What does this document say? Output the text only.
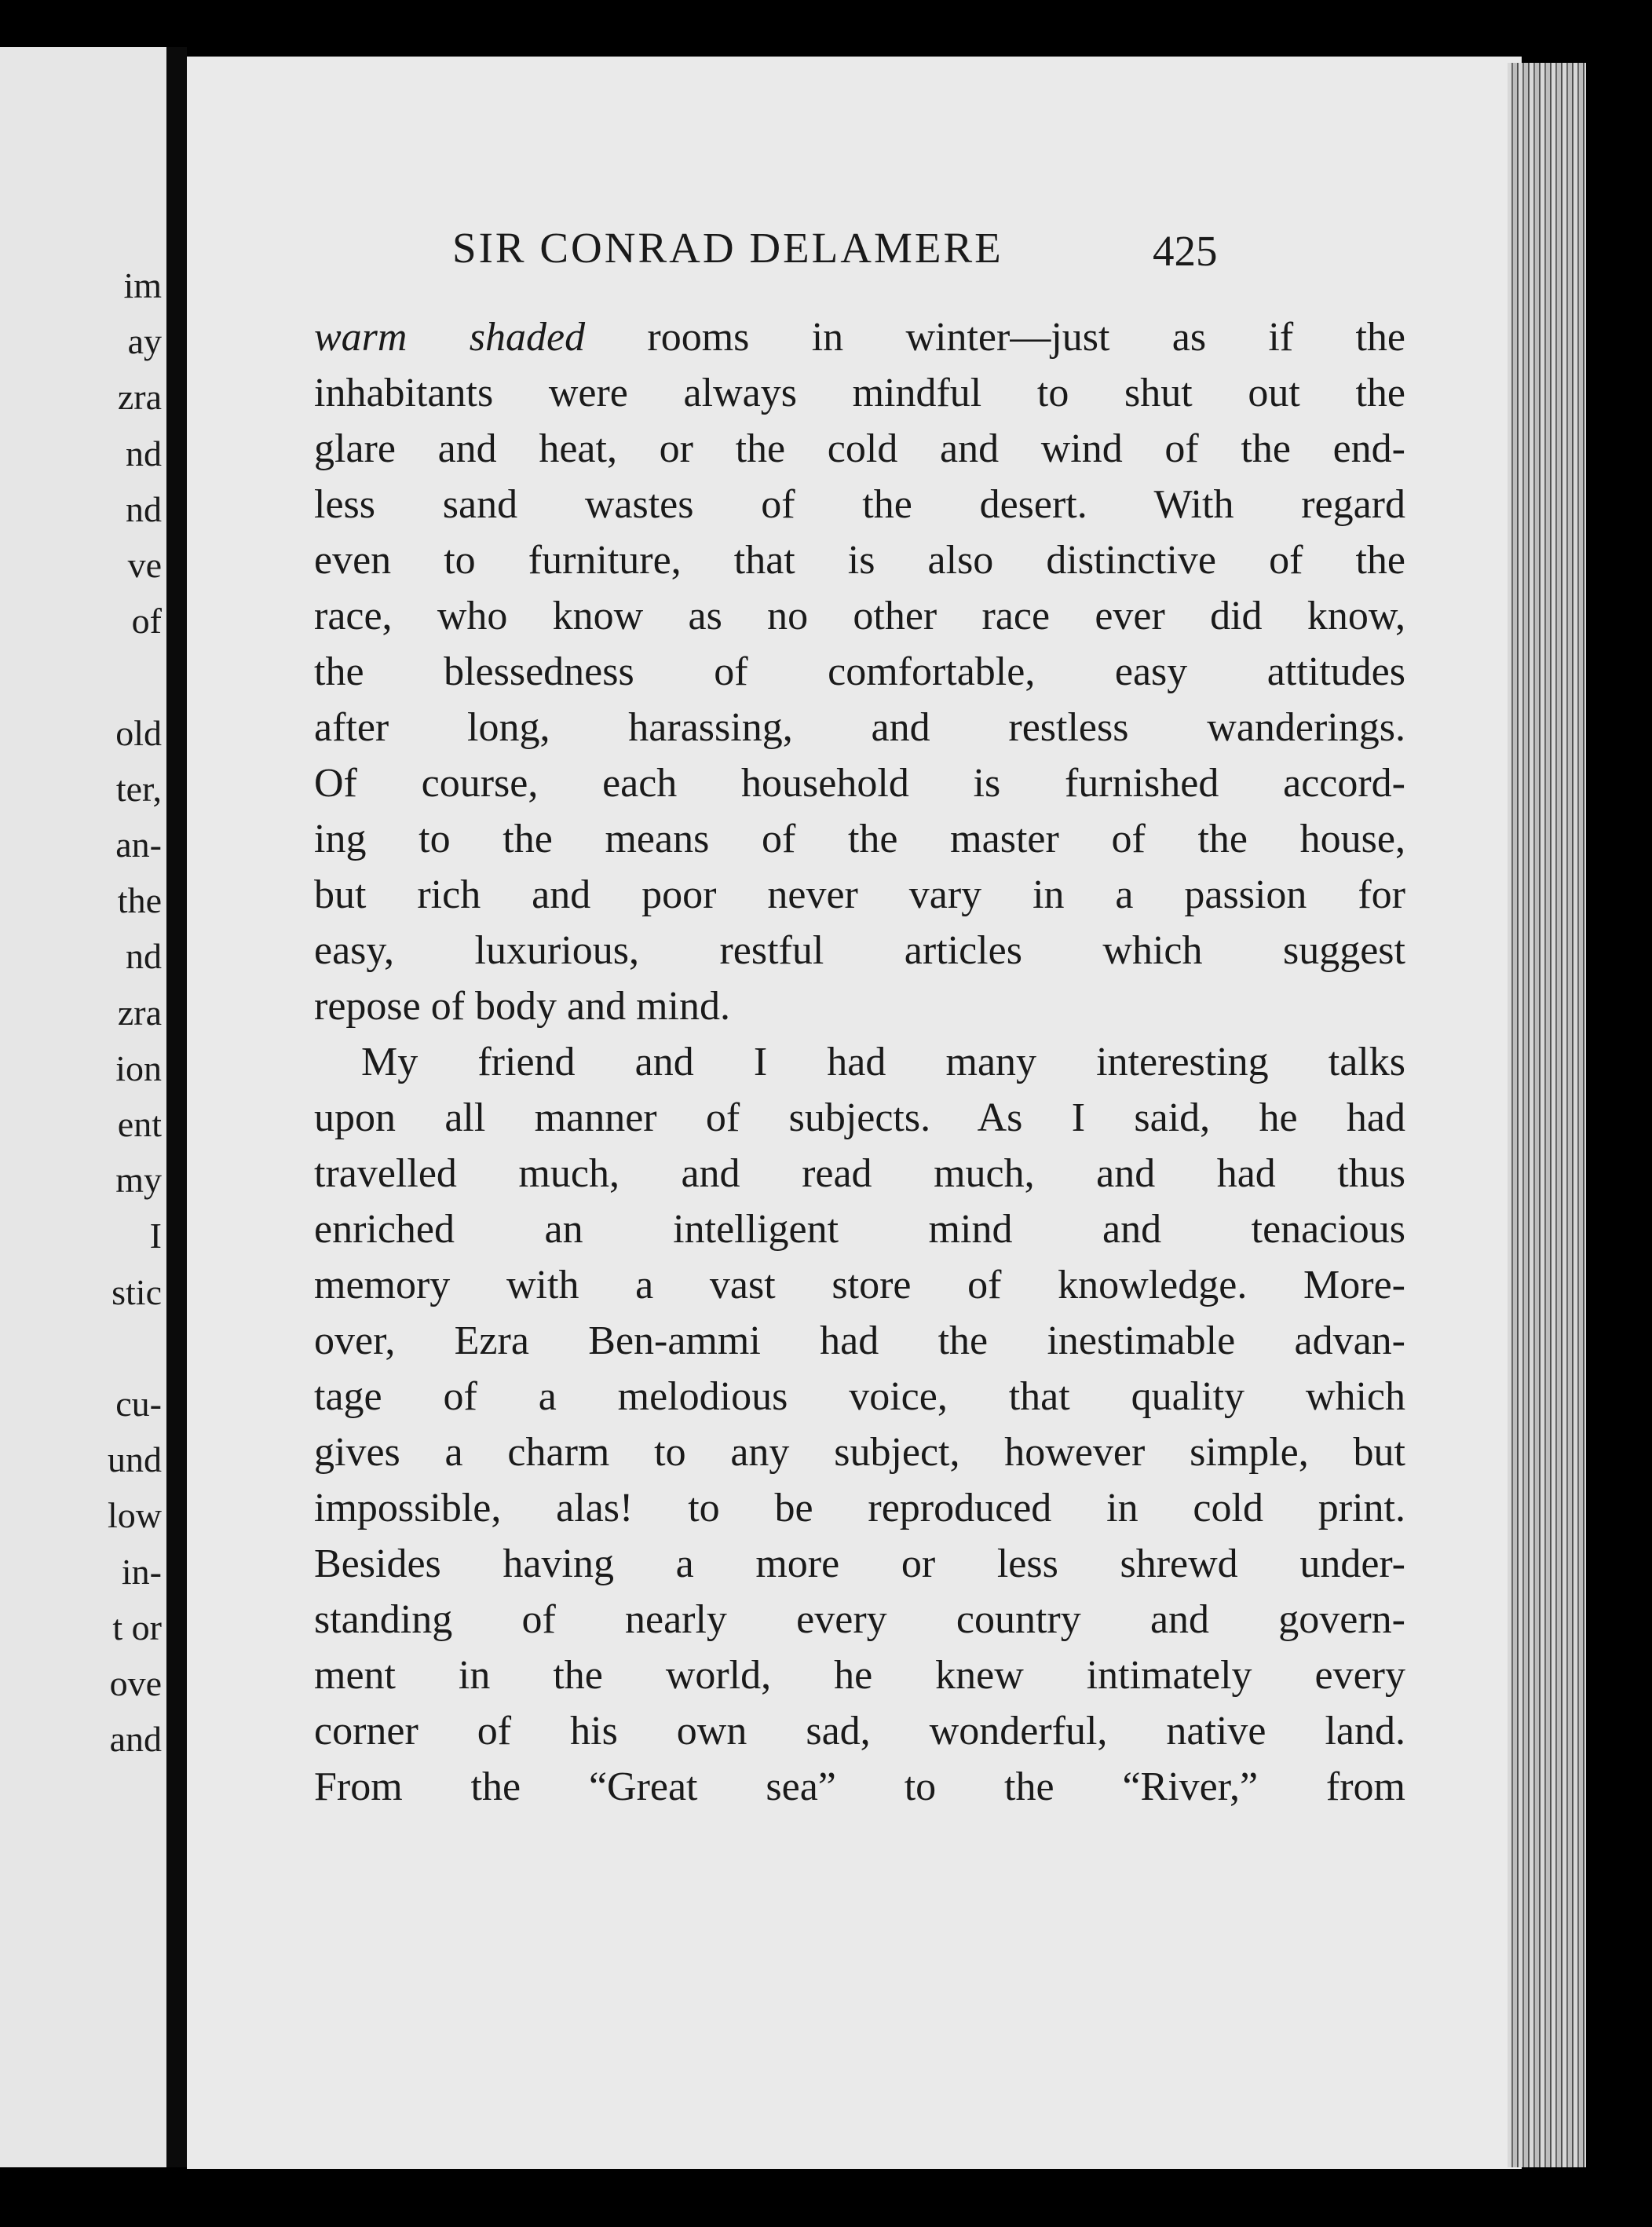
im
ay
zra
nd
nd
ve
of
old
ter,
an-
the
nd
zra
ion
ent
my
I
stic
cu-
und
low
in-
t or
ove
and
SIR CONRAD DELAMERE	425
warm shaded rooms in winter—just as if the
inhabitants were always mindful to shut out the
glare and heat, or the cold and wind of the end-
less sand wastes of the desert. With regard
even to furniture, that is also distinctive of the
race, who know as no other race ever did know,
the blessedness of comfortable, easy attitudes
after long, harassing, and restless wanderings.
Of course, each household is furnished accord-
ing to the means of the master of the house,
but rich and poor never vary in a passion for
easy, luxurious, restful articles which suggest
repose of body and mind.
My friend and I had many interesting talks
upon all manner of subjects. As I said, he had
travelled much, and read much, and had thus
enriched an intelligent mind and tenacious
memory with a vast store of knowledge. More-
over, Ezra Ben-ammi had the inestimable advan-
tage of a melodious voice, that quality which
gives a charm to any subject, however simple, but
impossible, alas! to be reproduced in cold print.
Besides having a more or less shrewd under-
standing of nearly every country and govern-
ment in the world, he knew intimately every
corner of his own sad, wonderful, native land.
From the “Great sea” to the “River,” from
